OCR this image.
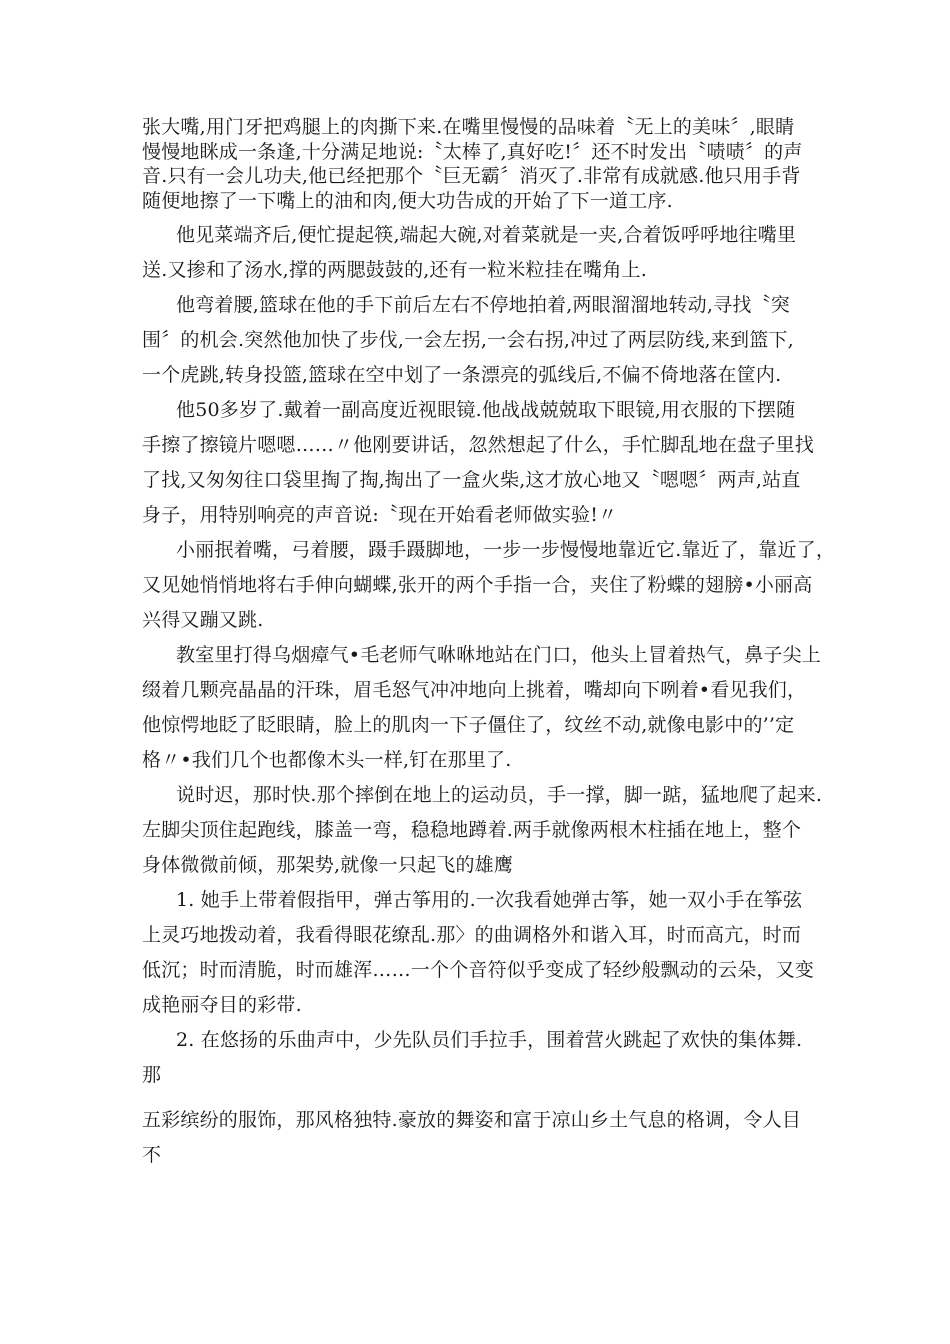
张大嘴,用门牙把鸡腿上的肉撕下来.在嘴里慢慢的品味着〝无上的美味〞,眼睛
慢慢地眯成一条逢,十分满足地说:〝太棒了,真好吃!〞还不时发出〝啧啧〞的声
音.只有一会儿功夫,他已经把那个〝巨无霸〞消灭了.非常有成就感.他只用手背
随便地擦了一下嘴上的油和肉,便大功告成的开始了下一道工序.
他见菜端齐后,便忙提起筷,端起大碗,对着菜就是一夹,合着饭呼呼地往嘴里
送.又掺和了汤水,撑的两腮鼓鼓的,还有一粒米粒挂在嘴角上.
他弯着腰,篮球在他的手下前后左右不停地拍着,两眼溜溜地转动,寻找〝突
围〞的机会.突然他加快了步伐,一会左拐,一会右拐,冲过了两层防线,来到篮下,
一个虎跳,转身投篮,篮球在空中划了一条漂亮的弧线后,不偏不倚地落在筐内.
他50多岁了.戴着一副高度近视眼镜.他战战兢兢取下眼镜,用衣服的下摆随
手擦了擦镜片嗯嗯……〃他刚要讲话，忽然想起了什么，手忙脚乱地在盘子里找
了找,又匆匆往口袋里掏了掏,掏出了一盒火柴,这才放心地又〝嗯嗯〞两声,站直
身子，用特别响亮的声音说:〝现在开始看老师做实验!〃
小丽抿着嘴，弓着腰，蹑手蹑脚地，一步一步慢慢地靠近它.靠近了，靠近了，
又见她悄悄地将右手伸向蝴蝶,张开的两个手指一合，夹住了粉蝶的翅膀•小丽高
兴得又蹦又跳.
教室里打得乌烟瘴气•毛老师气咻咻地站在门口，他头上冒着热气，鼻子尖上
缀着几颗亮晶晶的汗珠，眉毛怒气冲冲地向上挑着，嘴却向下咧着•看见我们，
他惊愕地眨了眨眼睛，脸上的肌肉一下子僵住了，纹丝不动,就像电影中的’’定
格〃•我们几个也都像木头一样,钉在那里了.
说时迟，那时快.那个摔倒在地上的运动员，手一撑，脚一踮，猛地爬了起来.
左脚尖顶住起跑线，膝盖一弯，稳稳地蹲着.两手就像两根木柱插在地上，整个
身体微微前倾，那架势,就像一只起飞的雄鹰
1. 她手上带着假指甲，弹古筝用的.一次我看她弹古筝，她一双小手在筝弦
上灵巧地拨动着，我看得眼花缭乱.那〉的曲调格外和谐入耳，时而高亢，时而
低沉；时而清脆，时而雄浑……一个个音符似乎变成了轻纱般飘动的云朵，又变
成艳丽夺目的彩带.
2. 在悠扬的乐曲声中，少先队员们手拉手，围着营火跳起了欢快的集体舞.
那
五彩缤纷的服饰，那风格独特.豪放的舞姿和富于凉山乡土气息的格调，令人目
不
